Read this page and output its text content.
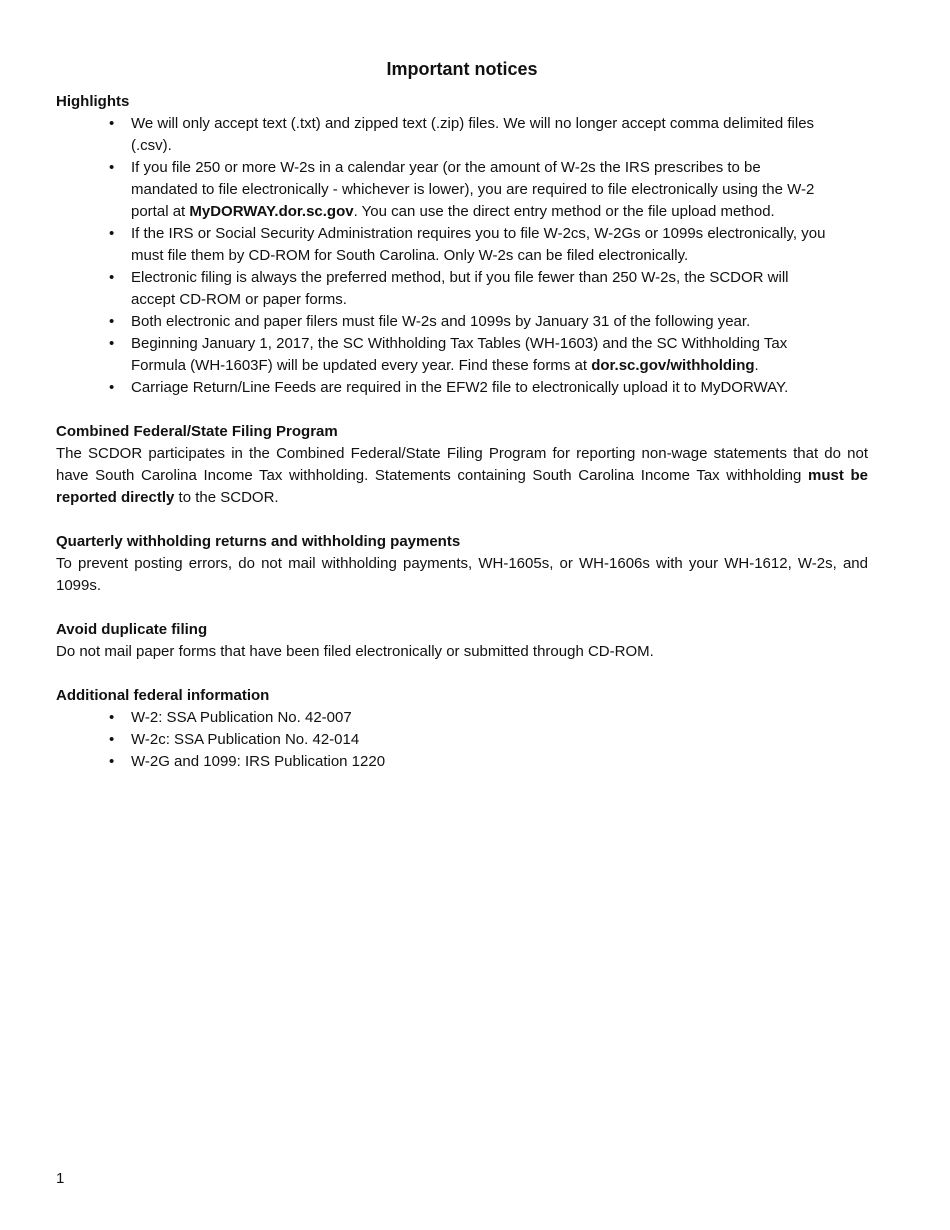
Important notices
Highlights
• We will only accept text (.txt) and zipped text (.zip) files. We will no longer accept comma delimited files (.csv).
• If you file 250 or more W-2s in a calendar year (or the amount of W-2s the IRS prescribes to be mandated to file electronically - whichever is lower), you are required to file electronically using the W-2 portal at MyDORWAY.dor.sc.gov. You can use the direct entry method or the file upload method.
• If the IRS or Social Security Administration requires you to file W-2cs, W-2Gs or 1099s electronically, you must file them by CD-ROM for South Carolina. Only W-2s can be filed electronically.
• Electronic filing is always the preferred method, but if you file fewer than 250 W-2s, the SCDOR will accept CD-ROM or paper forms.
• Both electronic and paper filers must file W-2s and 1099s by January 31 of the following year.
• Beginning January 1, 2017, the SC Withholding Tax Tables (WH-1603) and the SC Withholding Tax Formula (WH-1603F) will be updated every year. Find these forms at dor.sc.gov/withholding.
• Carriage Return/Line Feeds are required in the EFW2 file to electronically upload it to MyDORWAY.
Combined Federal/State Filing Program

The SCDOR participates in the Combined Federal/State Filing Program for reporting non-wage statements that do not have South Carolina Income Tax withholding. Statements containing South Carolina Income Tax withholding must be reported directly to the SCDOR.

Quarterly withholding returns and withholding payments

To prevent posting errors, do not mail withholding payments, WH-1605s, or WH-1606s with your WH-1612, W-2s, and 1099s.

Avoid duplicate filing

Do not mail paper forms that have been filed electronically or submitted through CD-ROM.

Additional federal information
• W-2: SSA Publication No. 42-007
• W-2c: SSA Publication No. 42-014
• W-2G and 1099: IRS Publication 1220
1
